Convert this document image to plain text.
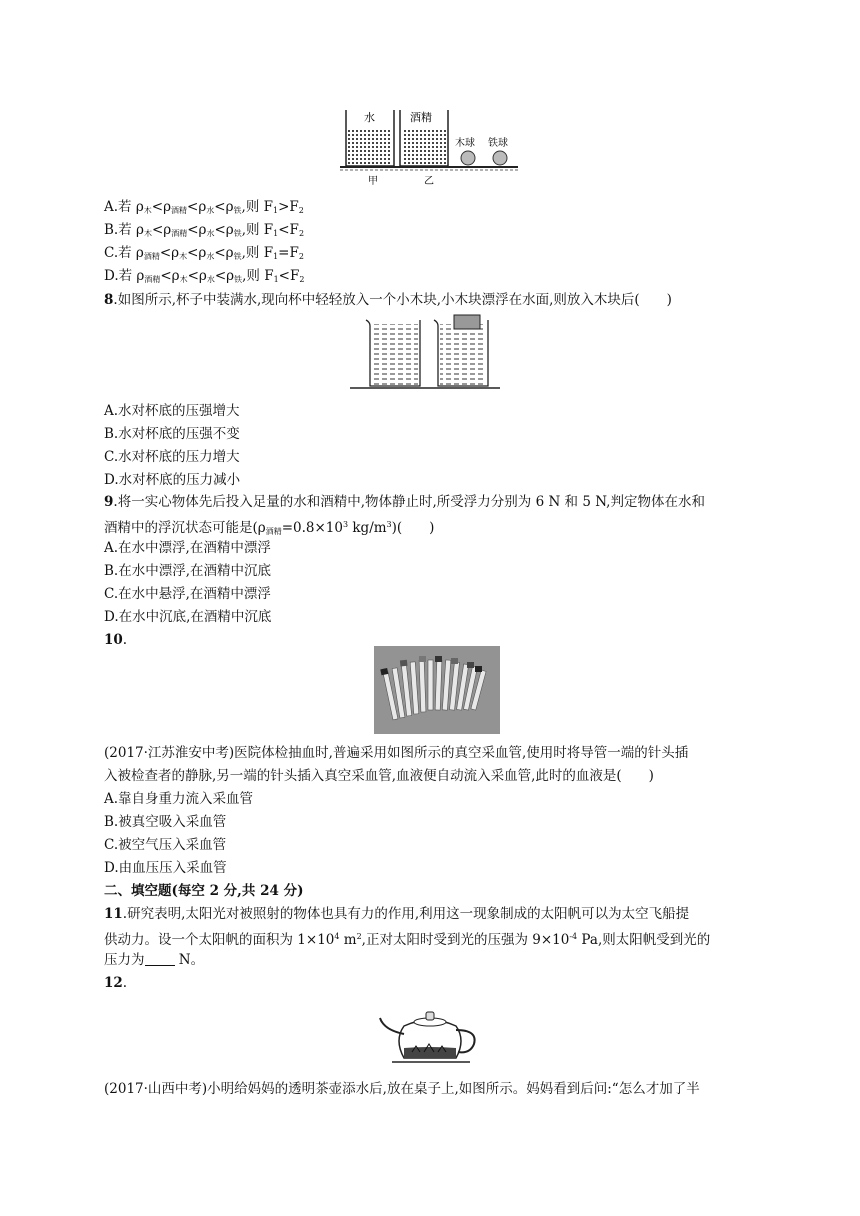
水	酒精
木球 铁球
甲	乙
A.若 $\rho_木<\rho_{酒精}<\rho_水<\rho_铁$,则 $F_1>F_2$
B.若 $\rho_木<\rho_{酒精}<\rho_水<\rho_铁$,则 $F_1<F_2$
C.若 $\rho_{酒精}<\rho_木<\rho_水<\rho_铁$,则 $F_1=F_2$
D.若 $\rho_{酒精}<\rho_木<\rho_水<\rho_铁$,则 $F_1<F_2$
8.如图所示,杯子中装满水,现向杯中轻轻放入一个小木块,小木块漂浮在水面,则放入木块后(　　)
A.水对杯底的压强增大
B.水对杯底的压强不变
C.水对杯底的压力增大
D.水对杯底的压力减小
9.将一实心物体先后投入足量的水和酒精中,物体静止时,所受浮力分别为 6 N 和 5 N,判定物体在水和
酒精中的浮沉状态可能是($\rho_{酒精}=0.8\times 10^3$ $kg/m^3$)(　　)
A.在水中漂浮,在酒精中漂浮
B.在水中漂浮,在酒精中沉底
C.在水中悬浮,在酒精中漂浮
D.在水中沉底,在酒精中沉底
10.
(2017·江苏淮安中考)医院体检抽血时,普遍采用如图所示的真空采血管,使用时将导管一端的针头插
入被检查者的静脉,另一端的针头插入真空采血管,血液便自动流入采血管,此时的血液是(　　)
A.靠自身重力流入采血管
B.被真空吸入采血管
C.被空气压入采血管
D.由血压压入采血管
二、填空题(每空 2 分,共 24 分)
11.研究表明,太阳光对被照射的物体也具有力的作用,利用这一现象制成的太阳帆可以为太空飞船提
供动力。设一个太阳帆的面积为 $1\times 10^4$ $m^2$,正对太阳时受到光的压强为 $9\times 10^{-4}$ Pa,则太阳帆受到光的
压力为 N。
12.
(2017·山西中考)小明给妈妈的透明茶壶添水后,放在桌子上,如图所示。妈妈看到后问:“怎么才加了半
